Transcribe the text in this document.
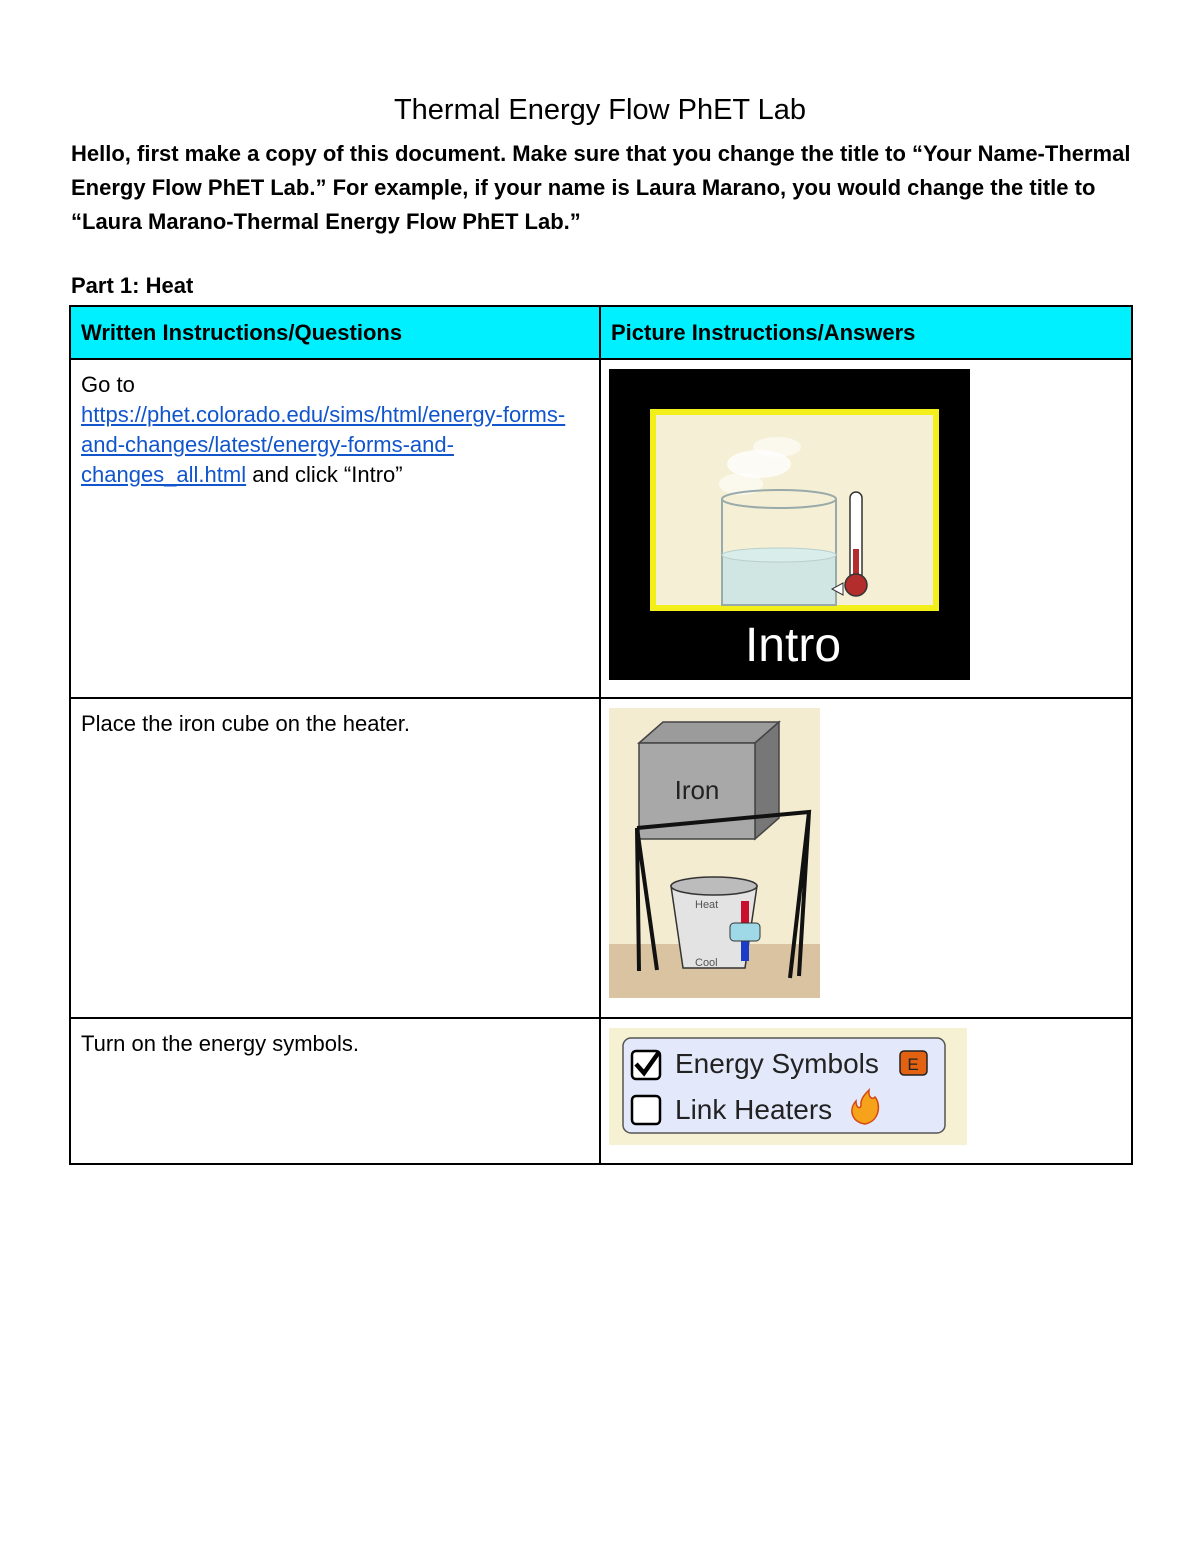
Thermal Energy Flow PhET Lab
Hello, first make a copy of this document. Make sure that you change the title to “Your Name-Thermal Energy Flow PhET Lab.” For example, if your name is Laura Marano, you would change the title to “Laura Marano-Thermal Energy Flow PhET Lab.”
Part 1: Heat
Written Instructions/Questions	Picture Instructions/Answers
Go to
https://phet.colorado.edu/sims/html/energy-forms-and-changes/latest/energy-forms-and-changes_all.html and click “Intro”	Intro

Place the iron cube on the heater.	Iron
Heat
Cool

Turn on the energy symbols.	Energy Symbols E
Link Heaters
